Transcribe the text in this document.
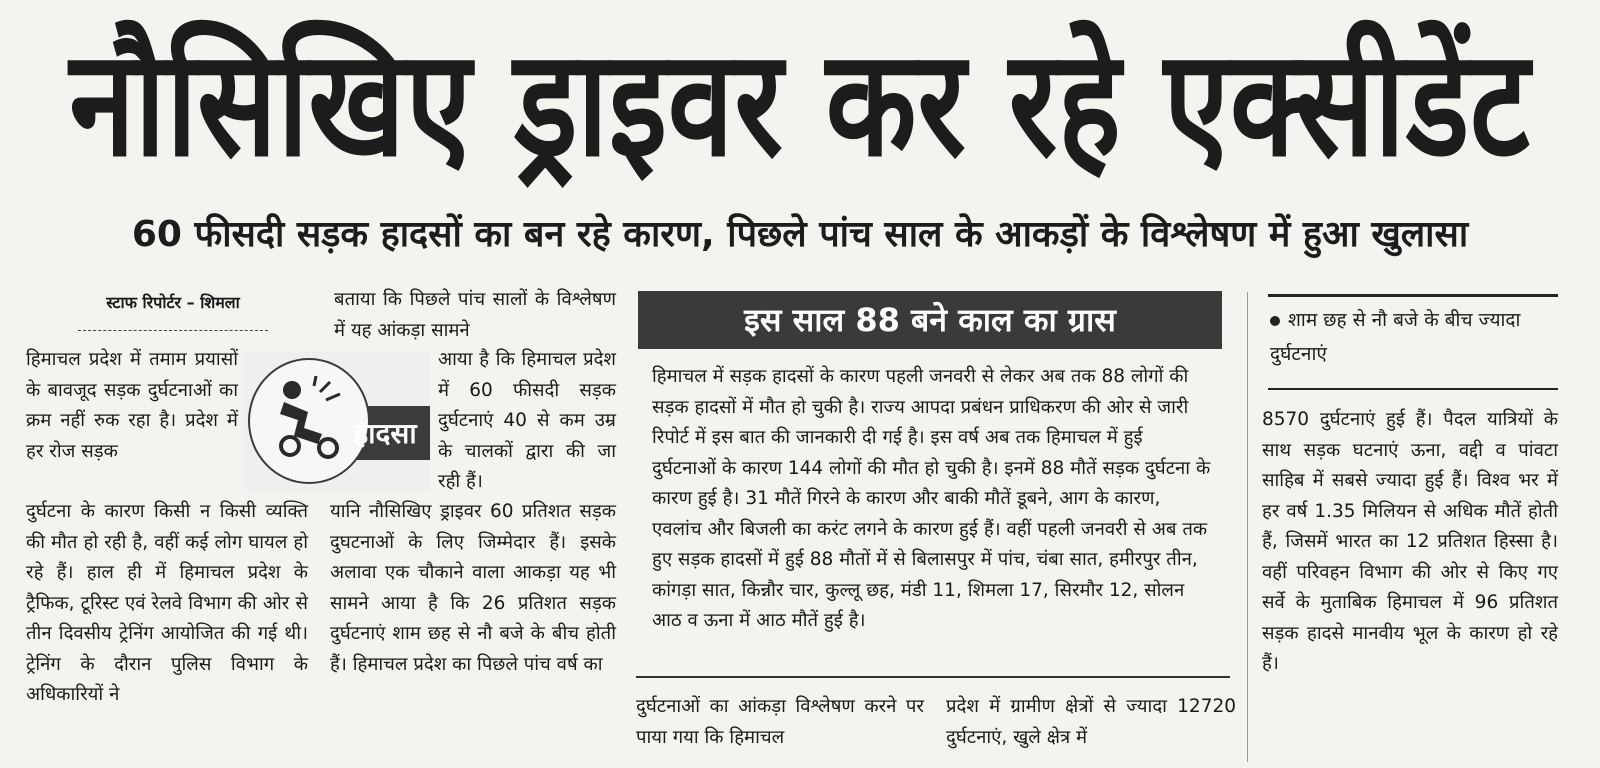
नौसिखिए ड्राइवर कर रहे एक्सीडेंट
60 फीसदी सड़क हादसों का बन रहे कारण, पिछले पांच साल के आकड़ों के विश्लेषण में हुआ खुलासा
स्टाफ रिपोर्टर – शिमला

हिमाचल प्रदेश में तमाम प्रयासों के बावजूद सड़क दुर्घटनाओं का क्रम नहीं रुक रहा है। प्रदेश में हर रोज सड़क

हादसा

दुर्घटना के कारण किसी न किसी व्यक्ति की मौत हो रही है, वहीं कई लोग घायल हो रहे हैं। हाल ही में हिमाचल प्रदेश के ट्रैफिक, टूरिस्ट एवं रेलवे विभाग की ओर से तीन दिवसीय ट्रेनिंग आयोजित की गई थी। ट्रेनिंग के दौरान पुलिस विभाग के अधिकारियों ने

बताया कि पिछले पांच सालों के विश्लेषण में यह आंकड़ा सामने

आया है कि हिमाचल प्रदेश में 60 फीसदी सड़क दुर्घटनाएं 40 से कम उम्र के चालकों द्वारा की जा रही हैं।

यानि नौसिखिए ड्राइवर 60 प्रतिशत सड़क दुघटनाओं के लिए जिम्मेदार हैं। इसके अलावा एक चौकाने वाला आकड़ा यह भी सामने आया है कि 26 प्रतिशत सड़क दुर्घटनाएं शाम छह से नौ बजे के बीच होती हैं। हिमाचल प्रदेश का पिछले पांच वर्ष का

इस साल 88 बने काल का ग्रास

हिमाचल में सड़क हादसों के कारण पहली जनवरी से लेकर अब तक 88 लोगों की सड़क हादसों में मौत हो चुकी है। राज्य आपदा प्रबंधन प्राधिकरण की ओर से जारी रिपोर्ट में इस बात की जानकारी दी गई है। इस वर्ष अब तक हिमाचल में हुई दुर्घटनाओं के कारण 144 लोगों की मौत हो चुकी है। इनमें 88 मौतें सड़क दुर्घटना के कारण हुई है। 31 मौतें गिरने के कारण और बाकी मौतें डूबने, आग के कारण, एवलांच और बिजली का करंट लगने के कारण हुई हैं। वहीं पहली जनवरी से अब तक हुए सड़क हादसों में हुई 88 मौतों में से बिलासपुर में पांच, चंबा सात, हमीरपुर तीन, कांगड़ा सात, किन्नौर चार, कुल्लू छह, मंडी 11, शिमला 17, सिरमौर 12, सोलन आठ व ऊना में आठ मौतें हुई है।

दुर्घटनाओं का आंकड़ा विश्लेषण करने पर पाया गया कि हिमाचल

प्रदेश में ग्रामीण क्षेत्रों से ज्यादा 12720 दुर्घटनाएं, खुले क्षेत्र में

शाम छह से नौ बजे के बीच ज्यादा दुर्घटनाएं

8570 दुर्घटनाएं हुई हैं। पैदल यात्रियों के साथ सड़क घटनाएं ऊना, वद्दी व पांवटा साहिब में सबसे ज्यादा हुई हैं। विश्व भर में हर वर्ष 1.35 मिलियन से अधिक मौतें होती हैं, जिसमें भारत का 12 प्रतिशत हिस्सा है। वहीं परिवहन विभाग की ओर से किए गए सर्वे के मुताबिक हिमाचल में 96 प्रतिशत सड़क हादसे मानवीय भूल के कारण हो रहे हैं।
